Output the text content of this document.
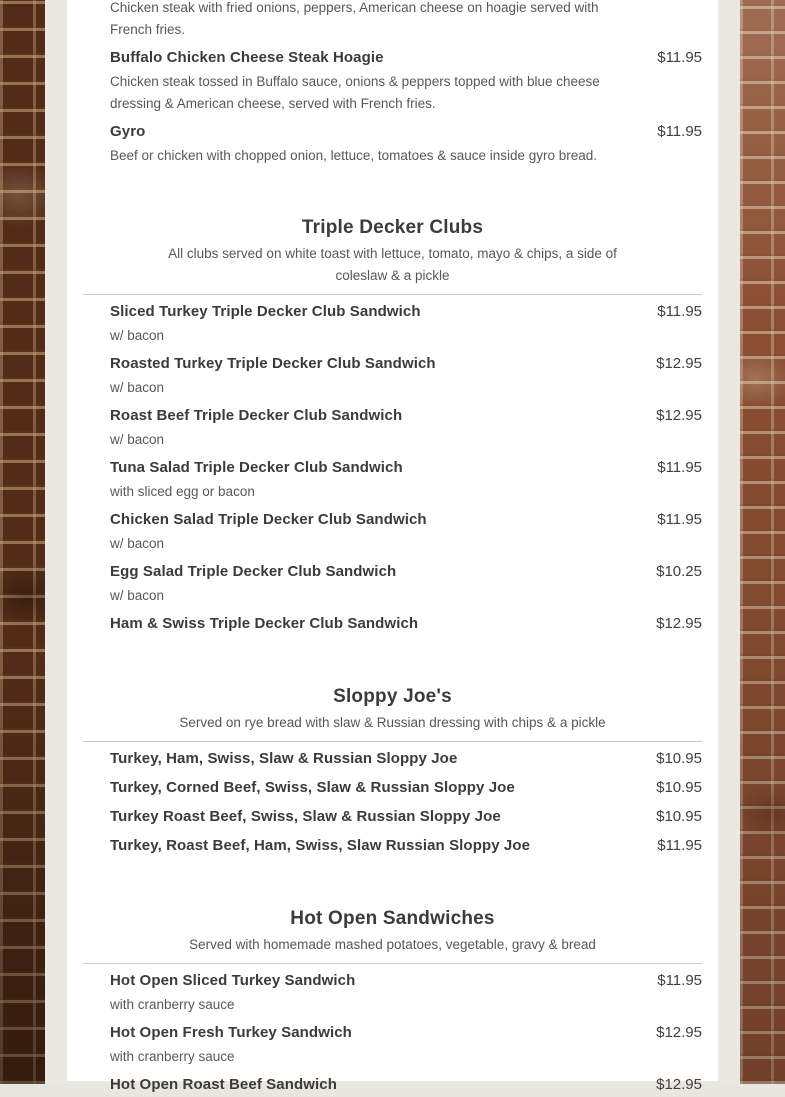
Chicken steak with fried onions, peppers, American cheese on hoagie served with French fries.

Buffalo Chicken Cheese Steak Hoagie	$11.95

Chicken steak tossed in Buffalo sauce, onions & peppers topped with blue cheese dressing & American cheese, served with French fries.

Gyro	$11.95

Beef or chicken with chopped onion, lettuce, tomatoes & sauce inside gyro bread.

Triple Decker Clubs

All clubs served on white toast with lettuce, tomato, mayo & chips, a side of coleslaw & a pickle

Sliced Turkey Triple Decker Club Sandwich	$11.95

w/ bacon

Roasted Turkey Triple Decker Club Sandwich	$12.95

w/ bacon

Roast Beef Triple Decker Club Sandwich	$12.95

w/ bacon

Tuna Salad Triple Decker Club Sandwich	$11.95

with sliced egg or bacon

Chicken Salad Triple Decker Club Sandwich	$11.95

w/ bacon

Egg Salad Triple Decker Club Sandwich	$10.25

w/ bacon

Ham & Swiss Triple Decker Club Sandwich	$12.95
Sloppy Joe's

Served on rye bread with slaw & Russian dressing with chips & a pickle

Turkey, Ham, Swiss, Slaw & Russian Sloppy Joe	$10.95
Turkey, Corned Beef, Swiss, Slaw & Russian Sloppy Joe	$10.95
Turkey Roast Beef, Swiss, Slaw & Russian Sloppy Joe	$10.95
Turkey, Roast Beef, Ham, Swiss, Slaw Russian Sloppy Joe	$11.95
Hot Open Sandwiches

Served with homemade mashed potatoes, vegetable, gravy & bread

Hot Open Sliced Turkey Sandwich	$11.95

with cranberry sauce

Hot Open Fresh Turkey Sandwich	$12.95

with cranberry sauce

Hot Open Roast Beef Sandwich	$12.95
